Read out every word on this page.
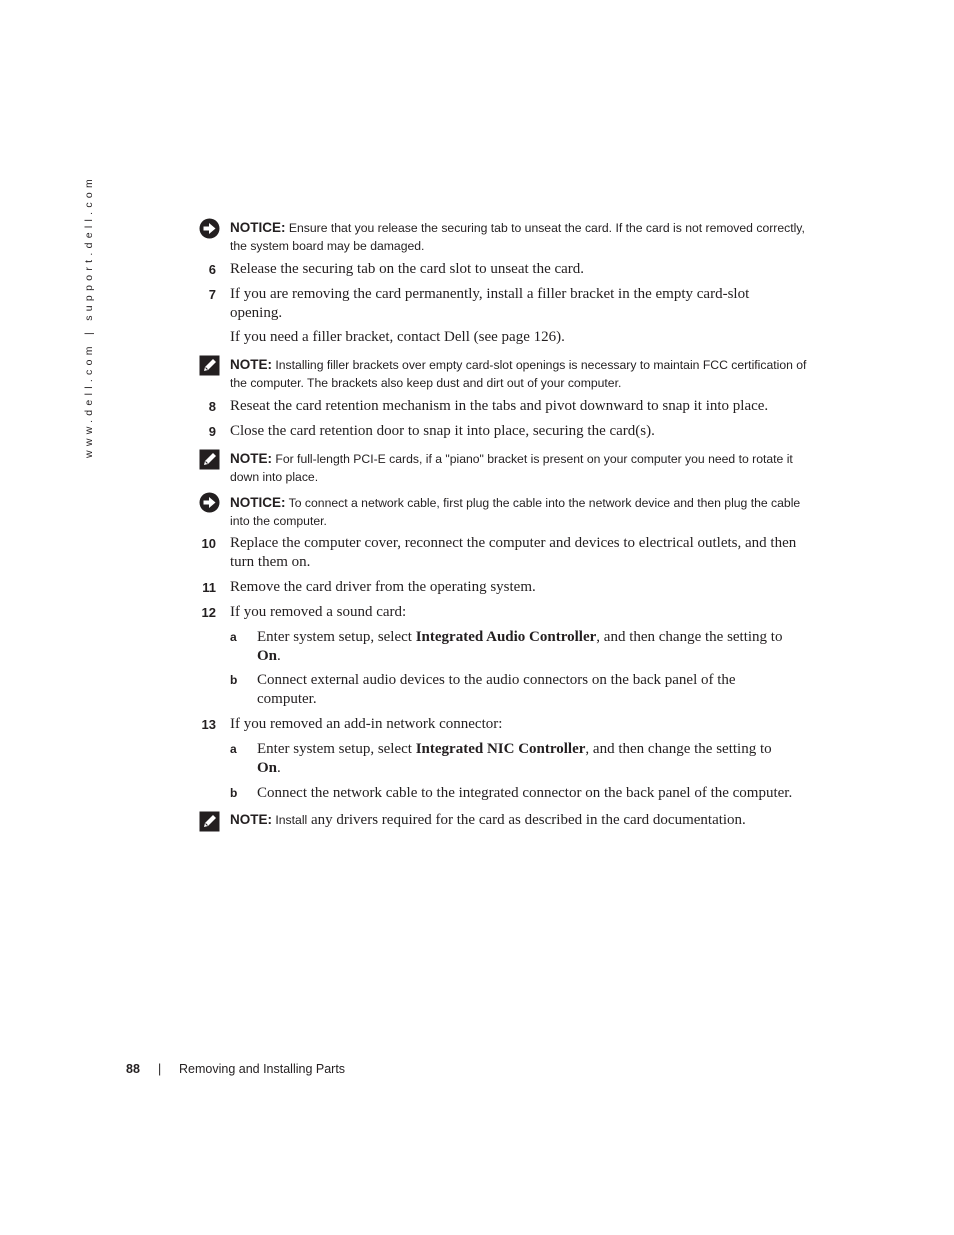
www.dell.com | support.dell.com	NOTICE: Ensure that you release the securing tab to unseat the card. If the card is not removed correctly, the system board may be damaged.
6 Release the securing tab on the card slot to unseat the card.
7 If you are removing the card permanently, install a filler bracket in the empty card-slot opening.
If you need a filler bracket, contact Dell (see page 126).
NOTE: Installing filler brackets over empty card-slot openings is necessary to maintain FCC certification of the computer. The brackets also keep dust and dirt out of your computer.
8 Reseat the card retention mechanism in the tabs and pivot downward to snap it into place.
9 Close the card retention door to snap it into place, securing the card(s).
NOTE: For full-length PCI-E cards, if a "piano" bracket is present on your computer you need to rotate it down into place.
NOTICE: To connect a network cable, first plug the cable into the network device and then plug the cable into the computer.
10 Replace the computer cover, reconnect the computer and devices to electrical outlets, and then turn them on.
11 Remove the card driver from the operating system.
12 If you removed a sound card:
a Enter system setup, select Integrated Audio Controller, and then change the setting to On.
b Connect external audio devices to the audio connectors on the back panel of the computer.
13 If you removed an add-in network connector:
a Enter system setup, select Integrated NIC Controller, and then change the setting to On.
b Connect the network cable to the integrated connector on the back panel of the computer.
NOTE: Install any drivers required for the card as described in the card documentation.
88 | Removing and Installing Parts
